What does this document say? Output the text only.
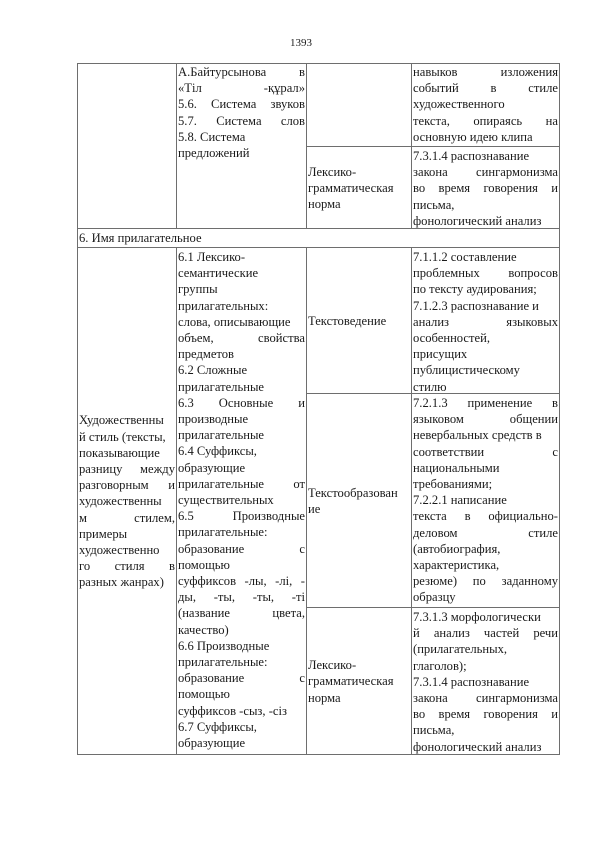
1393
А.Байтурсынова в
«Тіл -құрал»
5.6. Система звуков
5.7. Система слов
5.8. Система
предложений
навыков изложения
событий в стиле
художественного
текста, опираясь на
основную идею клипа
Лексико-
грамматическая
норма
7.3.1.4 распознавание
закона сингармонизма
во время говорения и
письма,
фонологический анализ
6. Имя прилагательное
Художественны
й стиль (тексты,
показывающие
разницу между
разговорным и
художественны
м стилем,
примеры
художественно
го стиля в
разных жанрах)
6.1 Лексико-
семантические
группы
прилагательных:
слова, описывающие
объем, свойства
предметов
6.2 Сложные
прилагательные
6.3 Основные и
производные
прилагательные
6.4 Суффиксы,
образующие
прилагательные от
существительных
6.5 Производные
прилагательные:
образование с
помощью
суффиксов -лы, -лі, -
ды, -ты, -ты, -ті
(название цвета,
качество)
6.6 Производные
прилагательные:
образование с
помощью
суффиксов -сыз, -сіз
6.7 Суффиксы,
образующие
Текстоведение
7.1.1.2 составление
проблемных вопросов
по тексту аудирования;
7.1.2.3 распознавание и
анализ языковых
особенностей,
присущих
публицистическому
стилю
Текстообразован
ие
7.2.1.3 применение в
языковом общении
невербальных средств в
соответствии с
национальными
требованиями;
7.2.2.1 написание
текста в официально-
деловом стиле
(автобиография,
характеристика,
резюме) по заданному
образцу
Лексико-
грамматическая
норма
7.3.1.3 морфологически
й анализ частей речи
(прилагательных,
глаголов);
7.3.1.4 распознавание
закона сингармонизма
во время говорения и
письма,
фонологический анализ
